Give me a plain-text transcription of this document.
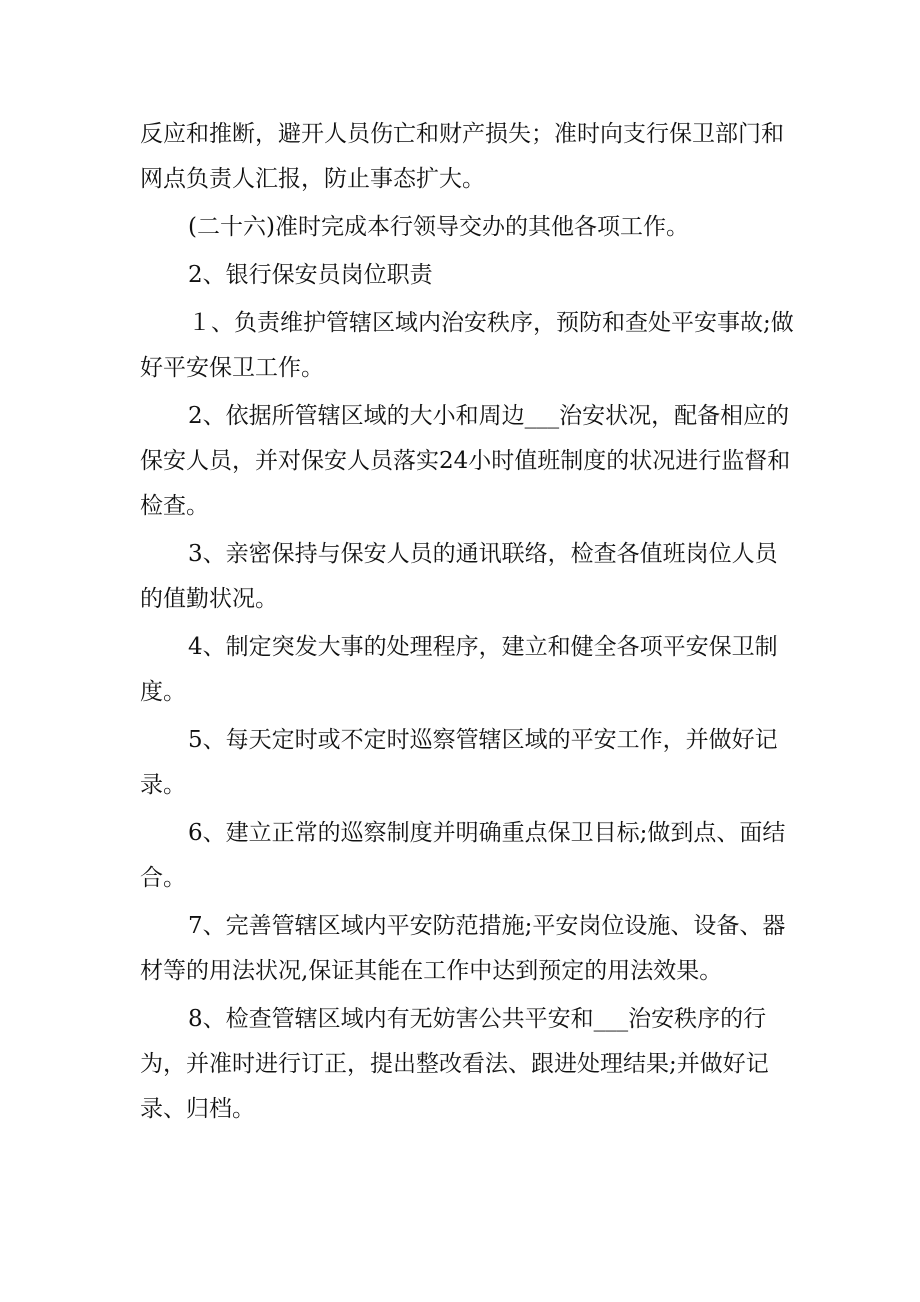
反应和推断，避开人员伤亡和财产损失；准时向支行保卫部门和网点负责人汇报，防止事态扩大。

(二十六)准时完成本行领导交办的其他各项工作。

2、银行保安员岗位职责

１、负责维护管辖区域内治安秩序，预防和查处平安事故;做好平安保卫工作。

2、依据所管辖区域的大小和周边___治安状况，配备相应的保安人员，并对保安人员落实24小时值班制度的状况进行监督和检查。

3、亲密保持与保安人员的通讯联络，检查各值班岗位人员的值勤状况。

4、制定突发大事的处理程序，建立和健全各项平安保卫制度。

5、每天定时或不定时巡察管辖区域的平安工作，并做好记录。

6、建立正常的巡察制度并明确重点保卫目标;做到点、面结合。

7、完善管辖区域内平安防范措施;平安岗位设施、设备、器材等的用法状况,保证其能在工作中达到预定的用法效果。

8、检查管辖区域内有无妨害公共平安和___治安秩序的行为，并准时进行订正，提出整改看法、跟进处理结果;并做好记录、归档。
